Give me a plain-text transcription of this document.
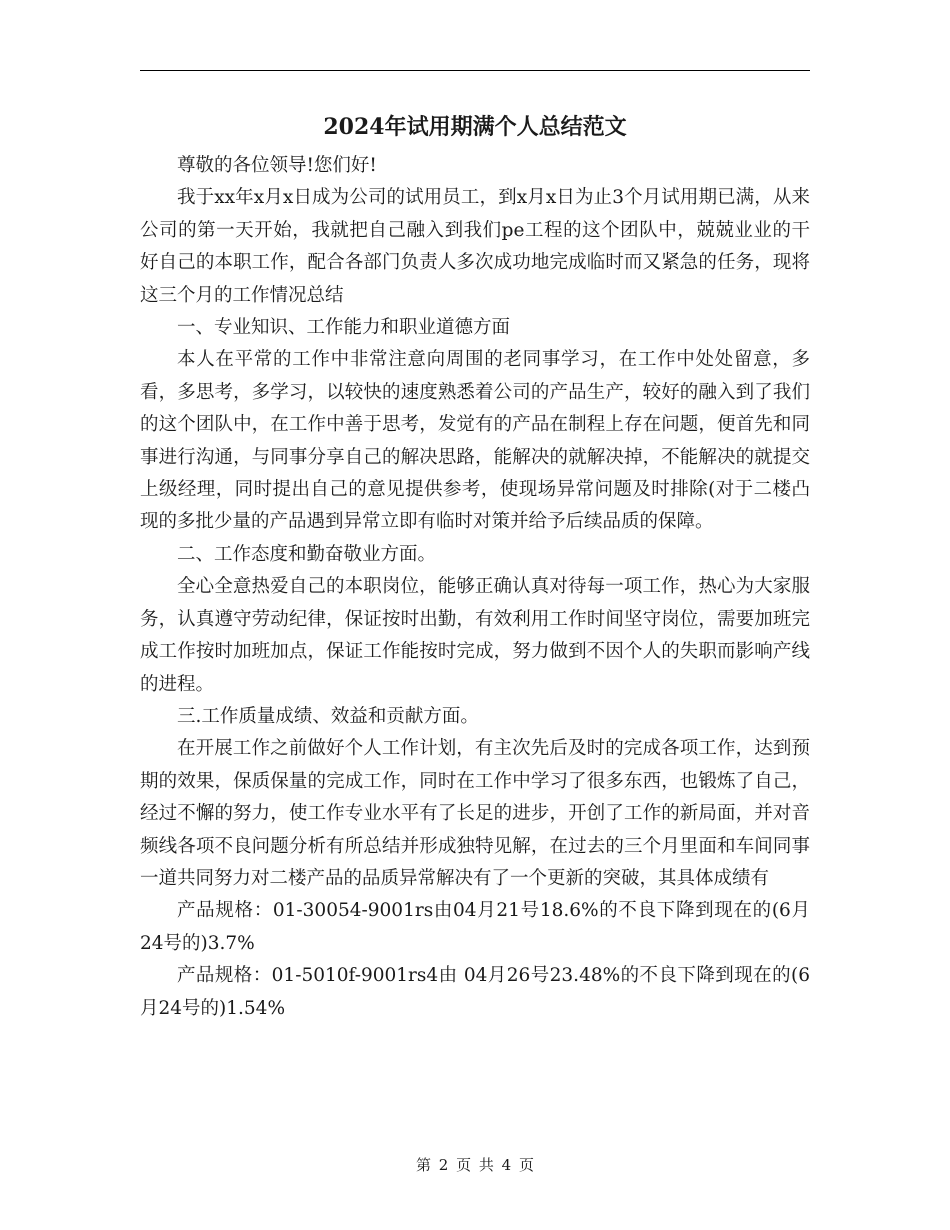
2024年试用期满个人总结范文

尊敬的各位领导!您们好!

我于xx年x月x日成为公司的试用员工，到x月x日为止3个月试用期已满，从来公司的第一天开始，我就把自己融入到我们pe工程的这个团队中，兢兢业业的干好自己的本职工作，配合各部门负责人多次成功地完成临时而又紧急的任务，现将这三个月的工作情况总结

一、专业知识、工作能力和职业道德方面

本人在平常的工作中非常注意向周围的老同事学习，在工作中处处留意，多看，多思考，多学习，以较快的速度熟悉着公司的产品生产，较好的融入到了我们的这个团队中，在工作中善于思考，发觉有的产品在制程上存在问题，便首先和同事进行沟通，与同事分享自己的解决思路，能解决的就解决掉，不能解决的就提交上级经理，同时提出自己的意见提供参考，使现场异常问题及时排除(对于二楼凸现的多批少量的产品遇到异常立即有临时对策并给予后续品质的保障。

二、工作态度和勤奋敬业方面。

全心全意热爱自己的本职岗位，能够正确认真对待每一项工作，热心为大家服务，认真遵守劳动纪律，保证按时出勤，有效利用工作时间坚守岗位，需要加班完成工作按时加班加点，保证工作能按时完成，努力做到不因个人的失职而影响产线的进程。

三.工作质量成绩、效益和贡献方面。

在开展工作之前做好个人工作计划，有主次先后及时的完成各项工作，达到预期的效果，保质保量的完成工作，同时在工作中学习了很多东西，也锻炼了自己，经过不懈的努力，使工作专业水平有了长足的进步，开创了工作的新局面，并对音频线各项不良问题分析有所总结并形成独特见解，在过去的三个月里面和车间同事一道共同努力对二楼产品的品质异常解决有了一个更新的突破，其具体成绩有

产品规格：01-30054-9001rs由04月21号18.6%的不良下降到现在的(6月24号的)3.7%

产品规格：01-5010f-9001rs4由 04月26号23.48%的不良下降到现在的(6月24号的)1.54%

第 2 页 共 4 页
